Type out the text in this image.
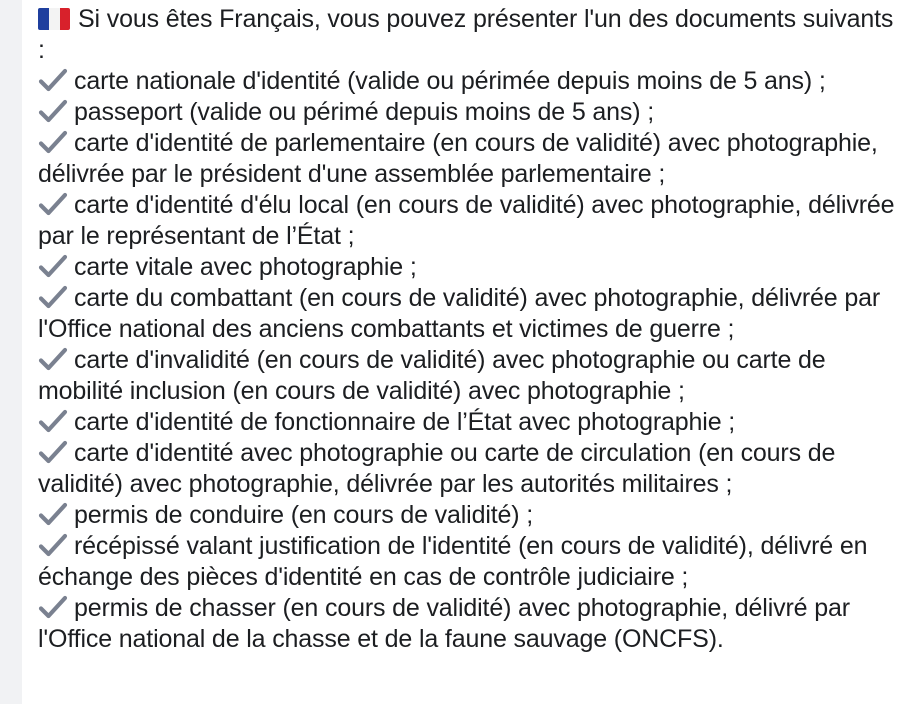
Si vous êtes Français, vous pouvez présenter l'un des documents suivants :

carte nationale d'identité (valide ou périmée depuis moins de 5 ans) ;

passeport (valide ou périmé depuis moins de 5 ans) ;

carte d'identité de parlementaire (en cours de validité) avec photographie, délivrée par le président d'une assemblée parlementaire ;

carte d'identité d'élu local (en cours de validité) avec photographie, délivrée par le représentant de l’État ;

carte vitale avec photographie ;

carte du combattant (en cours de validité) avec photographie, délivrée par l'Office national des anciens combattants et victimes de guerre ;

carte d'invalidité (en cours de validité) avec photographie ou carte de mobilité inclusion (en cours de validité) avec photographie ;

carte d'identité de fonctionnaire de l’État avec photographie ;

carte d'identité avec photographie ou carte de circulation (en cours de validité) avec photographie, délivrée par les autorités militaires ;

permis de conduire (en cours de validité) ;

récépissé valant justification de l'identité (en cours de validité), délivré en échange des pièces d'identité en cas de contrôle judiciaire ;

permis de chasser (en cours de validité) avec photographie, délivré par l'Office national de la chasse et de la faune sauvage (ONCFS).
